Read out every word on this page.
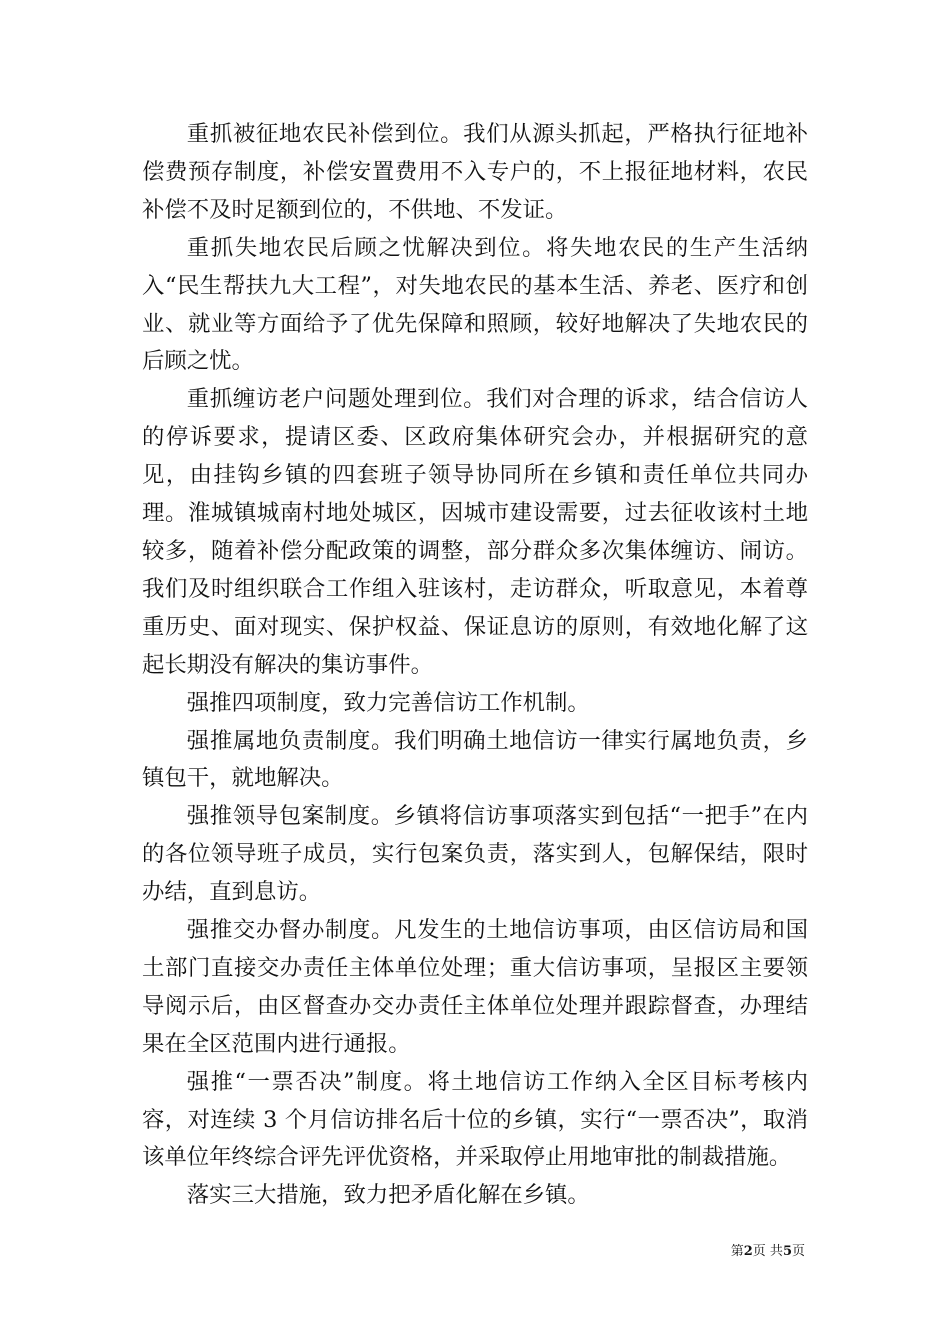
重抓被征地农民补偿到位。我们从源头抓起，严格执行征地补偿费预存制度，补偿安置费用不入专户的，不上报征地材料，农民补偿不及时足额到位的，不供地、不发证。

重抓失地农民后顾之忧解决到位。将失地农民的生产生活纳入“民生帮扶九大工程”，对失地农民的基本生活、养老、医疗和创业、就业等方面给予了优先保障和照顾，较好地解决了失地农民的后顾之忧。

重抓缠访老户问题处理到位。我们对合理的诉求，结合信访人的停诉要求，提请区委、区政府集体研究会办，并根据研究的意见，由挂钩乡镇的四套班子领导协同所在乡镇和责任单位共同办理。淮城镇城南村地处城区，因城市建设需要，过去征收该村土地较多，随着补偿分配政策的调整，部分群众多次集体缠访、闹访。我们及时组织联合工作组入驻该村，走访群众，听取意见，本着尊重历史、面对现实、保护权益、保证息访的原则，有效地化解了这起长期没有解决的集访事件。

强推四项制度，致力完善信访工作机制。

强推属地负责制度。我们明确土地信访一律实行属地负责，乡镇包干，就地解决。

强推领导包案制度。乡镇将信访事项落实到包括“一把手”在内的各位领导班子成员，实行包案负责，落实到人，包解保结，限时办结，直到息访。

强推交办督办制度。凡发生的土地信访事项，由区信访局和国土部门直接交办责任主体单位处理；重大信访事项，呈报区主要领导阅示后，由区督查办交办责任主体单位处理并跟踪督查，办理结果在全区范围内进行通报。

强推“一票否决”制度。将土地信访工作纳入全区目标考核内容，对连续 3 个月信访排名后十位的乡镇，实行“一票否决”，取消该单位年终综合评先评优资格，并采取停止用地审批的制裁措施。

落实三大措施，致力把矛盾化解在乡镇。

第2页 共5页
